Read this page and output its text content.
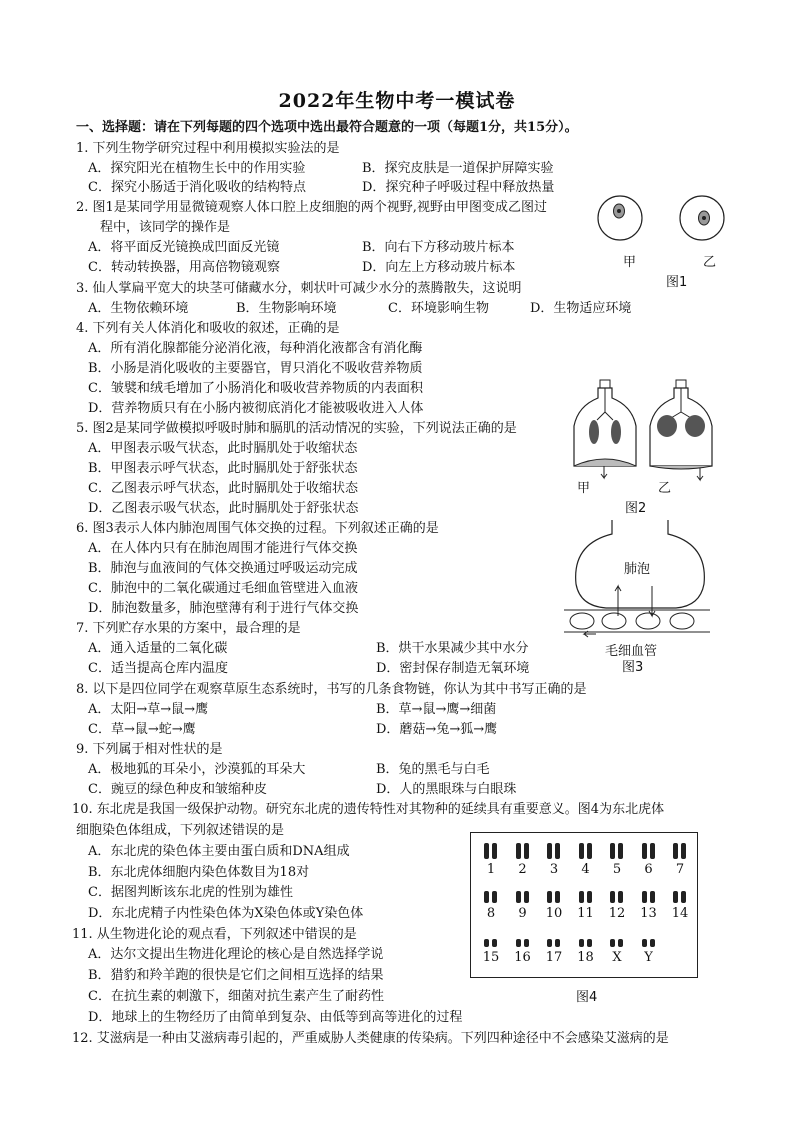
2022年生物中考一模试卷
一、选择题：请在下列每题的四个选项中选出最符合题意的一项（每题1分，共15分）。
1. 下列生物学研究过程中利用模拟实验法的是
A．探究阳光在植物生长中的作用实验	B．探究皮肤是一道保护屏障实验
C．探究小肠适于消化吸收的结构特点	D．探究种子呼吸过程中释放热量
2. 图1是某同学用显微镜观察人体口腔上皮细胞的两个视野,视野由甲图变成乙图过
程中，该同学的操作是
A．将平面反光镜换成凹面反光镜	B．向右下方移动玻片标本
C．转动转换器，用高倍物镜观察	D．向左上方移动玻片标本
3. 仙人掌扁平宽大的块茎可储藏水分，刺状叶可减少水分的蒸腾散失，这说明
A．生物依赖环境	B．生物影响环境	C．环境影响生物	D．生物适应环境
4. 下列有关人体消化和吸收的叙述，正确的是
A．所有消化腺都能分泌消化液，每种消化液都含有消化酶
B．小肠是消化吸收的主要器官，胃只消化不吸收营养物质
C．皱襞和绒毛增加了小肠消化和吸收营养物质的内表面积
D．营养物质只有在小肠内被彻底消化才能被吸收进入人体
5. 图2是某同学做模拟呼吸时肺和膈肌的活动情况的实验，下列说法正确的是
A．甲图表示吸气状态，此时膈肌处于收缩状态
B．甲图表示呼气状态，此时膈肌处于舒张状态
C．乙图表示呼气状态，此时膈肌处于收缩状态
D．乙图表示吸气状态，此时膈肌处于舒张状态
6. 图3表示人体内肺泡周围气体交换的过程。下列叙述正确的是
A．在人体内只有在肺泡周围才能进行气体交换
B．肺泡与血液间的气体交换通过呼吸运动完成
C．肺泡中的二氧化碳通过毛细血管壁进入血液
D．肺泡数量多，肺泡壁薄有利于进行气体交换
7. 下列贮存水果的方案中，最合理的是
A．通入适量的二氧化碳	B．烘干水果减少其中水分
C．适当提高仓库内温度	D．密封保存制造无氧环境
8. 以下是四位同学在观察草原生态系统时，书写的几条食物链，你认为其中书写正确的是
A．太阳→草→鼠→鹰	B．草→鼠→鹰→细菌
C．草→鼠→蛇→鹰	D．蘑菇→兔→狐→鹰
9. 下列属于相对性状的是
A．极地狐的耳朵小，沙漠狐的耳朵大	B．兔的黑毛与白毛
C．豌豆的绿色种皮和皱缩种皮	D．人的黑眼珠与白眼珠
10. 东北虎是我国一级保护动物。研究东北虎的遗传特性对其物种的延续具有重要意义。图4为东北虎体
细胞染色体组成，下列叙述错误的是
A．东北虎的染色体主要由蛋白质和DNA组成
B．东北虎体细胞内染色体数目为18对
C．据图判断该东北虎的性别为雄性
D．东北虎精子内性染色体为X染色体或Y染色体
11. 从生物进化论的观点看，下列叙述中错误的是
A．达尔文提出生物进化理论的核心是自然选择学说
B．猎豹和羚羊跑的很快是它们之间相互选择的结果
C．在抗生素的刺激下，细菌对抗生素产生了耐药性
D．地球上的生物经历了由简单到复杂、由低等到高等进化的过程
12. 艾滋病是一种由艾滋病毒引起的，严重威胁人类健康的传染病。下列四种途径中不会感染艾滋病的是
甲	乙
图1
甲	乙
图2
肺泡
毛细血管
图3
1	2	3	4	5	6	7
8	9	10	11	12	13	14
15	16	17	18	X	Y
图4
